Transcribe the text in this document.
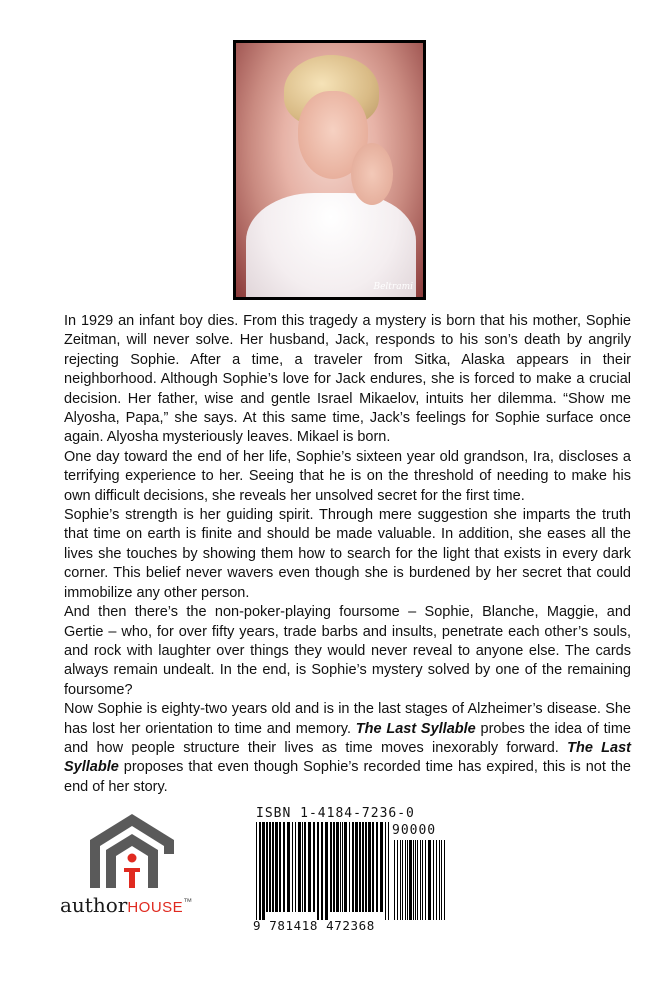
Beltrami

In 1929 an infant boy dies. From this tragedy a mystery is born that his mother, Sophie Zeitman, will never solve. Her husband, Jack, responds to his son’s death by angrily rejecting Sophie. After a time, a traveler from Sitka, Alaska appears in their neighborhood. Although Sophie’s love for Jack endures, she is forced to make a crucial decision. Her father, wise and gentle Israel Mikaelov, intuits her dilemma. “Show me Alyosha, Papa,” she says. At this same time, Jack’s feelings for Sophie surface once again. Alyosha mysteriously leaves. Mikael is born.

One day toward the end of her life, Sophie’s sixteen year old grandson, Ira, discloses a terrifying experience to her. Seeing that he is on the threshold of needing to make his own difficult decisions, she reveals her unsolved secret for the first time.

Sophie’s strength is her guiding spirit. Through mere suggestion she imparts the truth that time on earth is finite and should be made valuable. In addition, she eases all the lives she touches by showing them how to search for the light that exists in every dark corner. This belief never wavers even though she is burdened by her secret that could immobilize any other person.

And then there’s the non-poker-playing foursome – Sophie, Blanche, Maggie, and Gertie – who, for over fifty years, trade barbs and insults, penetrate each other’s souls, and rock with laughter over things they would never reveal to anyone else. The cards always remain undealt. In the end, is Sophie’s mystery solved by one of the remaining foursome?

Now Sophie is eighty-two years old and is in the last stages of Alzheimer’s disease. She has lost her orientation to time and memory. The Last Syllable probes the idea of time and how people structure their lives as time moves inexorably forward. The Last Syllable proposes that even though Sophie’s recorded time has expired, this is not the end of her story.

authorHOUSE™
ISBN 1-4184-7236-0
90000
9 781418 472368
